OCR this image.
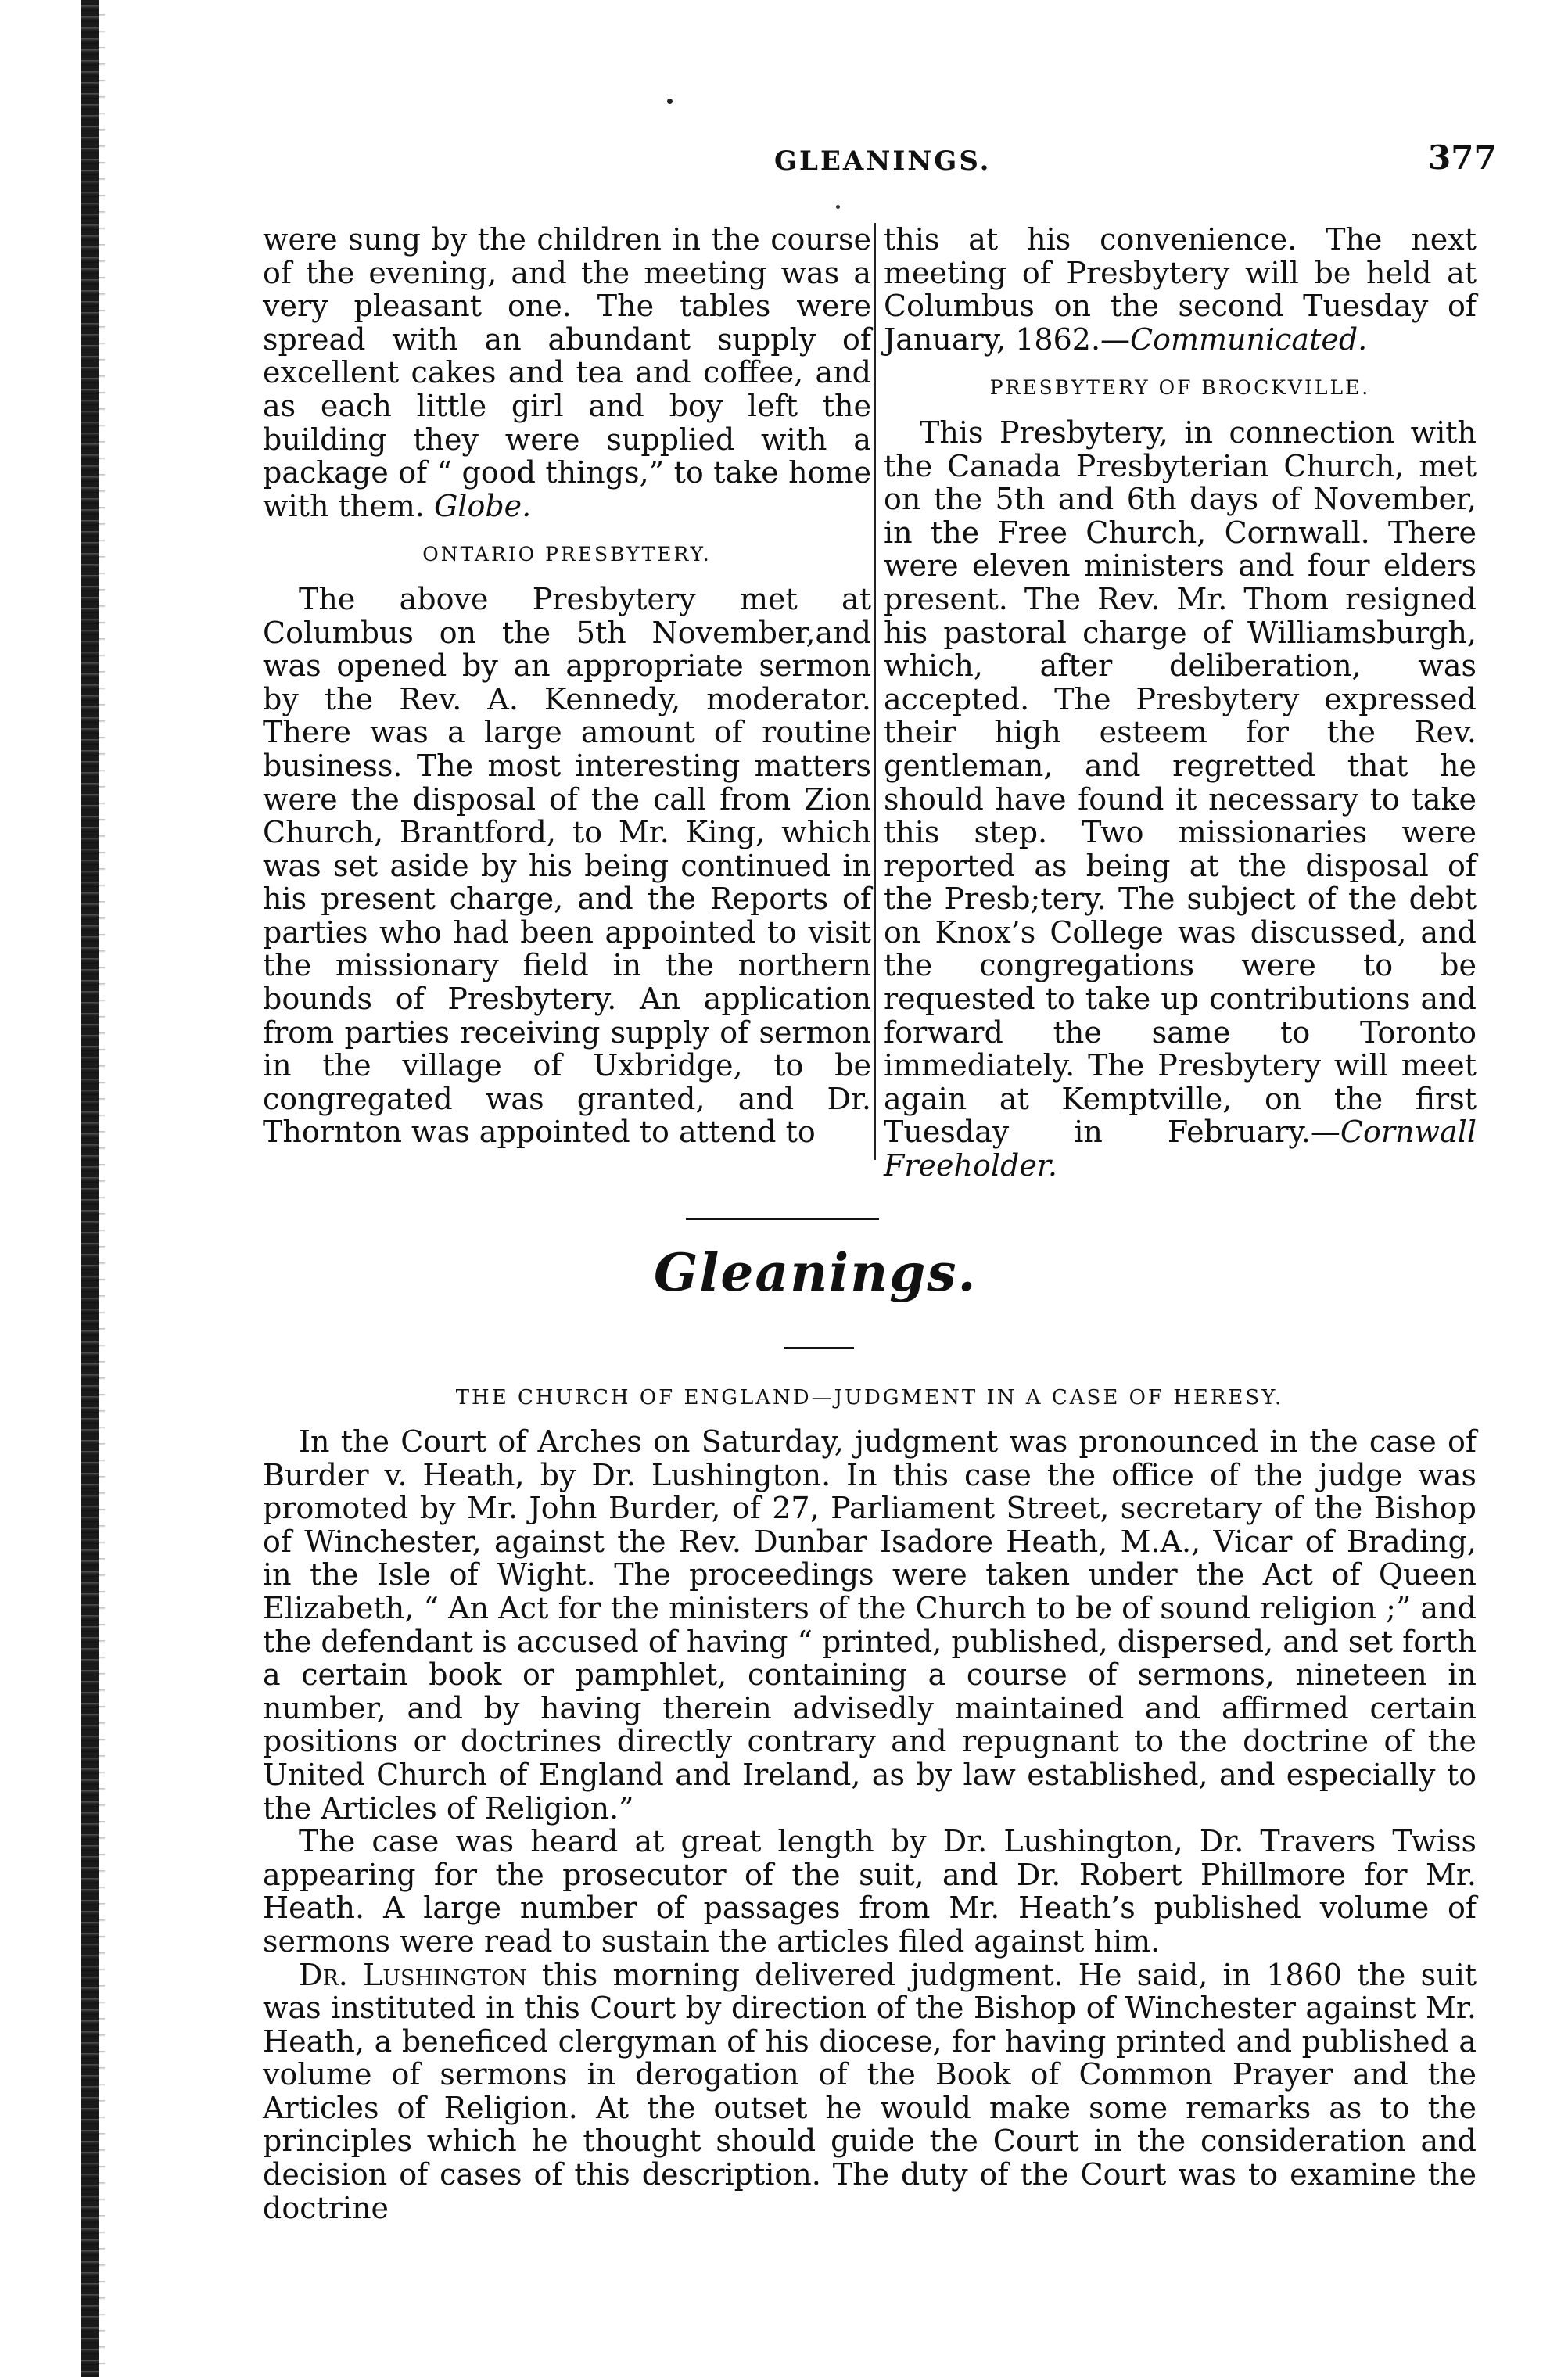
GLEANINGS.	377

were sung by the children in the course of the evening, and the meeting was a very pleasant one. The tables were spread with an abundant supply of excellent cakes and tea and coffee, and as each little girl and boy left the building they were supplied with a package of “ good things,” to take home with them. Globe.

ONTARIO PRESBYTERY.

The above Presbytery met at Columbus on the 5th November,and was opened by an appropriate sermon by the Rev. A. Kennedy, moderator. There was a large amount of routine business. The most interesting matters were the disposal of the call from Zion Church, Brantford, to Mr. King, which was set aside by his being continued in his present charge, and the Reports of parties who had been appointed to visit the missionary field in the northern bounds of Presbytery. An application from parties receiving supply of sermon in the village of Uxbridge, to be congregated was granted, and Dr. Thornton was appointed to attend to

this at his convenience. The next meeting of Presbytery will be held at Columbus on the second Tuesday of January, 1862.—Communicated.

PRESBYTERY OF BROCKVILLE.

This Presbytery, in connection with the Canada Presbyterian Church, met on the 5th and 6th days of November, in the Free Church, Cornwall. There were eleven ministers and four elders present. The Rev. Mr. Thom resigned his pastoral charge of Williamsburgh, which, after deliberation, was accepted. The Presbytery expressed their high esteem for the Rev. gentleman, and regretted that he should have found it necessary to take this step. Two missionaries were reported as being at the disposal of the Presb;tery. The subject of the debt on Knox’s College was discussed, and the congregations were to be requested to take up contributions and forward the same to Toronto immediately. The Presbytery will meet again at Kemptville, on the first Tuesday in February.—Cornwall Freeholder.

Gleanings.
THE CHURCH OF ENGLAND—JUDGMENT IN A CASE OF HERESY.

In the Court of Arches on Saturday, judgment was pronounced in the case of Burder v. Heath, by Dr. Lushington. In this case the office of the judge was promoted by Mr. John Burder, of 27, Parliament Street, secretary of the Bishop of Winchester, against the Rev. Dunbar Isadore Heath, M.A., Vicar of Brading, in the Isle of Wight. The proceedings were taken under the Act of Queen Elizabeth, “ An Act for the ministers of the Church to be of sound religion ;” and the defendant is accused of having “ printed, published, dispersed, and set forth a certain book or pamphlet, containing a course of sermons, nineteen in number, and by having therein advisedly maintained and affirmed certain positions or doctrines directly contrary and repugnant to the doctrine of the United Church of England and Ireland, as by law established, and especially to the Articles of Religion.”

The case was heard at great length by Dr. Lushington, Dr. Travers Twiss appearing for the prosecutor of the suit, and Dr. Robert Phillmore for Mr. Heath. A large number of passages from Mr. Heath’s published volume of sermons were read to sustain the articles filed against him.

Dr. Lushington this morning delivered judgment. He said, in 1860 the suit was instituted in this Court by direction of the Bishop of Winchester against Mr. Heath, a beneficed clergyman of his diocese, for having printed and published a volume of sermons in derogation of the Book of Common Prayer and the Articles of Religion. At the outset he would make some remarks as to the principles which he thought should guide the Court in the consideration and decision of cases of this description. The duty of the Court was to examine the doctrine
